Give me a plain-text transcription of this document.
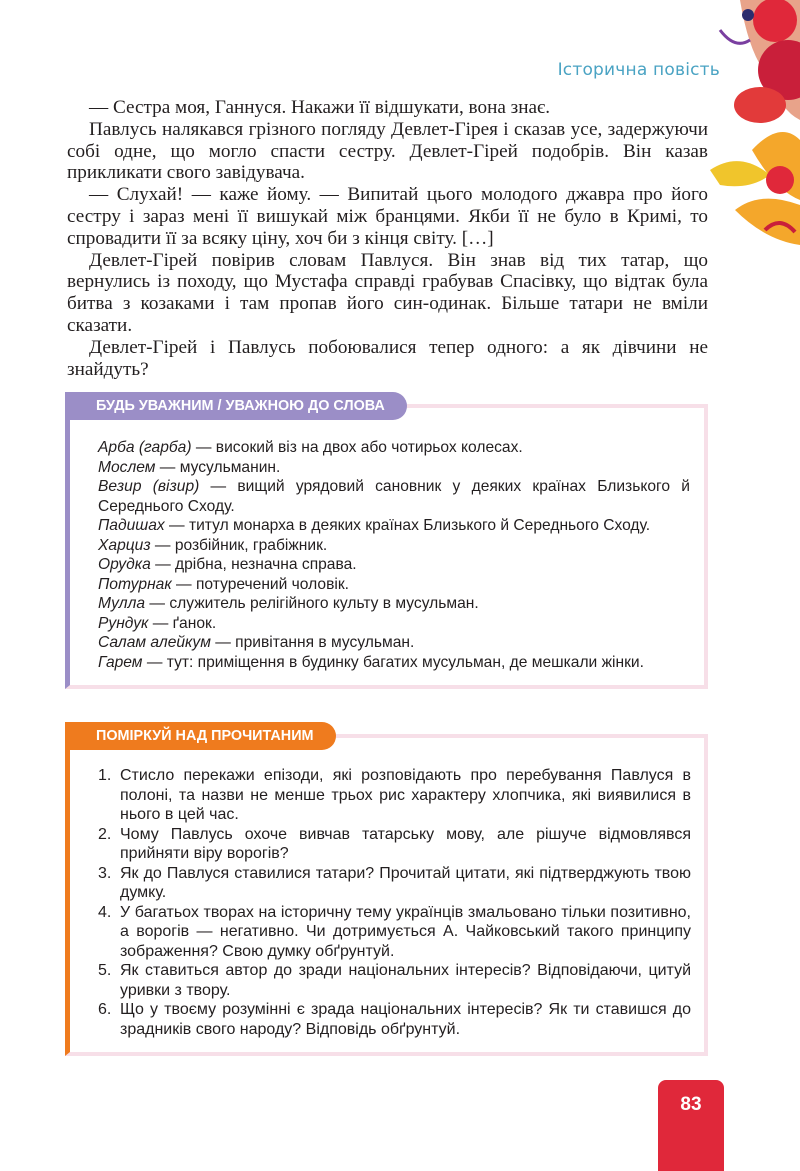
Історична повість

— Сестра моя, Ганнуся. Накажи її відшукати, вона знає.

Павлусь налякався грізного погляду Девлет-Гірея і сказав усе, задержуючи собі одне, що могло спасти сестру. Девлет-Гірей подобрів. Він казав прикликати свого завідувача.

— Слухай! — каже йому. — Випитай цього молодого джавра про його сестру і зараз мені її вишукай між бранцями. Якби її не було в Кримі, то спровадити її за всяку ціну, хоч би з кінця світу. […]

Девлет-Гірей повірив словам Павлуся. Він знав від тих татар, що вернулись із походу, що Мустафа справді грабував Спасівку, що відтак була битва з козаками і там пропав його син-одинак. Більше татари не вміли сказати.

Девлет-Гірей і Павлусь побоювалися тепер одного: а як дівчини не знайдуть?

БУДЬ УВАЖНИМ / УВАЖНОЮ ДО СЛОВА

Арба (гарба) — високий віз на двох або чотирьох колесах.

Мослем — мусульманин.

Везир (візир) — вищий урядовий сановник у деяких країнах Близького й Середнього Сходу.

Падишах — титул монарха в деяких країнах Близького й Середнього Сходу.

Харциз — розбійник, грабіжник.

Орудка — дрібна, незначна справа.

Потурнак — потуречений чоловік.

Мулла — служитель релігійного культу в мусульман.

Рундук — ґанок.

Салам алейкум — привітання в мусульман.

Гарем — тут: приміщення в будинку багатих мусульман, де мешкали жінки.

ПОМІРКУЙ НАД ПРОЧИТАНИМ
1. Стисло перекажи епізоди, які розповідають про перебування Павлуся в полоні, та назви не менше трьох рис характеру хлопчика, які виявилися в нього в цей час.
2. Чому Павлусь охоче вивчав татарську мову, але рішуче відмовлявся прийняти віру ворогів?
3. Як до Павлуся ставилися татари? Прочитай цитати, які підтверджують твою думку.
4. У багатьох творах на історичну тему українців змальовано тільки позитивно, а ворогів — негативно. Чи дотримується А. Чайковський такого принципу зображення? Свою думку обґрунтуй.
5. Як ставиться автор до зради національних інтересів? Відповідаючи, цитуй уривки з твору.
6. Що у твоєму розумінні є зрада національних інтересів? Як ти ставишся до зрадників свого народу? Відповідь обґрунтуй.
83
